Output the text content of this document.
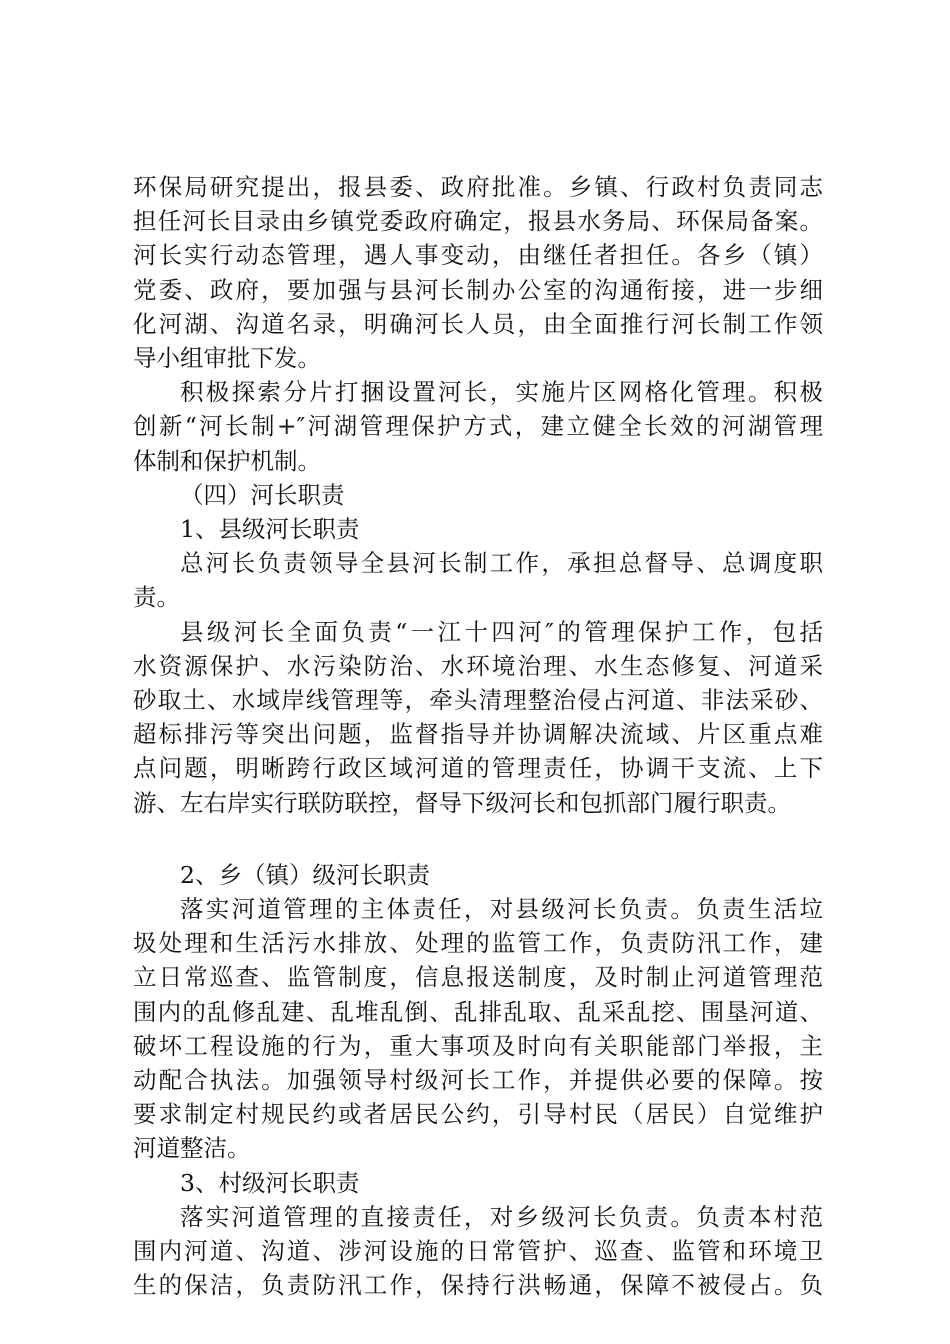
环保局研究提出，报县委、政府批准。乡镇、行政村负责同志
担任河长目录由乡镇党委政府确定，报县水务局、环保局备案。
河长实行动态管理，遇人事变动，由继任者担任。各乡（镇）
党委、政府，要加强与县河长制办公室的沟通衔接，进一步细
化河湖、沟道名录，明确河长人员，由全面推行河长制工作领
导小组审批下发。
积极探索分片打捆设置河长，实施片区网格化管理。积极
创新“河长制+″河湖管理保护方式，建立健全长效的河湖管理
体制和保护机制。
（四）河长职责
1、县级河长职责
总河长负责领导全县河长制工作，承担总督导、总调度职
责。
县级河长全面负责“一江十四河″的管理保护工作，包括
水资源保护、水污染防治、水环境治理、水生态修复、河道采
砂取土、水域岸线管理等，牵头清理整治侵占河道、非法采砂、
超标排污等突出问题，监督指导并协调解决流域、片区重点难
点问题，明晰跨行政区域河道的管理责任，协调干支流、上下
游、左右岸实行联防联控，督导下级河长和包抓部门履行职责。
2、乡（镇）级河长职责
落实河道管理的主体责任，对县级河长负责。负责生活垃
圾处理和生活污水排放、处理的监管工作，负责防汛工作，建
立日常巡查、监管制度，信息报送制度，及时制止河道管理范
围内的乱修乱建、乱堆乱倒、乱排乱取、乱采乱挖、围垦河道、
破坏工程设施的行为，重大事项及时向有关职能部门举报，主
动配合执法。加强领导村级河长工作，并提供必要的保障。按
要求制定村规民约或者居民公约，引导村民（居民）自觉维护
河道整洁。
3、村级河长职责
落实河道管理的直接责任，对乡级河长负责。负责本村范
围内河道、沟道、涉河设施的日常管护、巡查、监管和环境卫
生的保洁，负责防汛工作，保持行洪畅通，保障不被侵占。负
